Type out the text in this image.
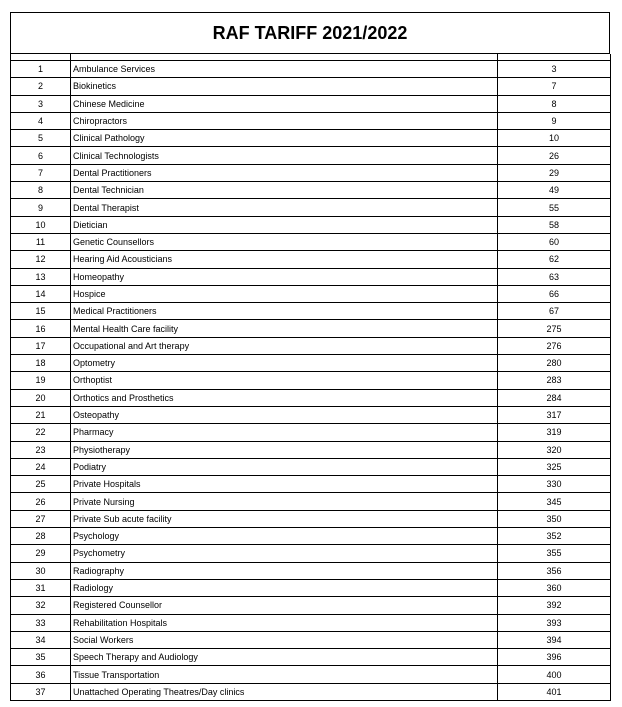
RAF TARIFF 2021/2022

1	Ambulance Services	3
2	Biokinetics	7
3	Chinese Medicine	8
4	Chiropractors	9
5	Clinical Pathology	10
6	Clinical Technologists	26
7	Dental Practitioners	29
8	Dental Technician	49
9	Dental Therapist	55
10	Dietician	58
11	Genetic Counsellors	60
12	Hearing Aid Acousticians	62
13	Homeopathy	63
14	Hospice	66
15	Medical Practitioners	67
16	Mental Health Care facility	275
17	Occupational and Art therapy	276
18	Optometry	280
19	Orthoptist	283
20	Orthotics and Prosthetics	284
21	Osteopathy	317
22	Pharmacy	319
23	Physiotherapy	320
24	Podiatry	325
25	Private Hospitals	330
26	Private Nursing	345
27	Private Sub acute facility	350
28	Psychology	352
29	Psychometry	355
30	Radiography	356
31	Radiology	360
32	Registered Counsellor	392
33	Rehabilitation Hospitals	393
34	Social Workers	394
35	Speech Therapy and Audiology	396
36	Tissue Transportation	400
37	Unattached Operating Theatres/Day clinics	401
